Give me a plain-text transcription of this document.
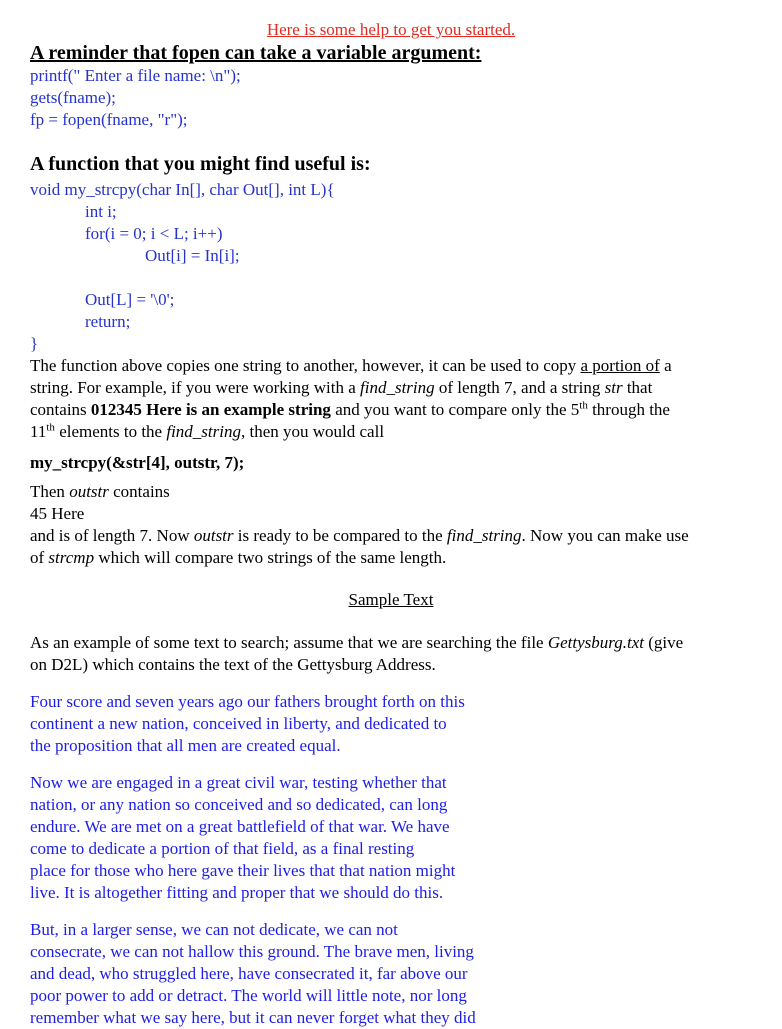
Here is some help to get you started.
A reminder that fopen can take a variable argument:
printf(" Enter a file name: \n");
gets(fname);
fp = fopen(fname, "r");
A function that you might find useful is:
void my_strcpy(char In[], char Out[], int L){
int i;
for(i = 0; i < L; i++)
Out[i] = In[i];

Out[L] = '\0';
return;
}
The function above copies one string to another, however, it can be used to copy a portion of a
string. For example, if you were working with a find_string of length 7, and a string str that
contains 012345 Here is an example string and you want to compare only the 5th through the
11th elements to the find_string, then you would call
my_strcpy(&str[4], outstr, 7);
Then outstr contains
45 Here
and is of length 7. Now outstr is ready to be compared to the find_string. Now you can make use
of strcmp which will compare two strings of the same length.
Sample Text
As an example of some text to search; assume that we are searching the file Gettysburg.txt (give
on D2L) which contains the text of the Gettysburg Address.
Four score and seven years ago our fathers brought forth on this
continent a new nation, conceived in liberty, and dedicated to
the proposition that all men are created equal.
Now we are engaged in a great civil war, testing whether that
nation, or any nation so conceived and so dedicated, can long
endure. We are met on a great battlefield of that war. We have
come to dedicate a portion of that field, as a final resting
place for those who here gave their lives that that nation might
live. It is altogether fitting and proper that we should do this.
But, in a larger sense, we can not dedicate, we can not
consecrate, we can not hallow this ground. The brave men, living
and dead, who struggled here, have consecrated it, far above our
poor power to add or detract. The world will little note, nor long
remember what we say here, but it can never forget what they did
